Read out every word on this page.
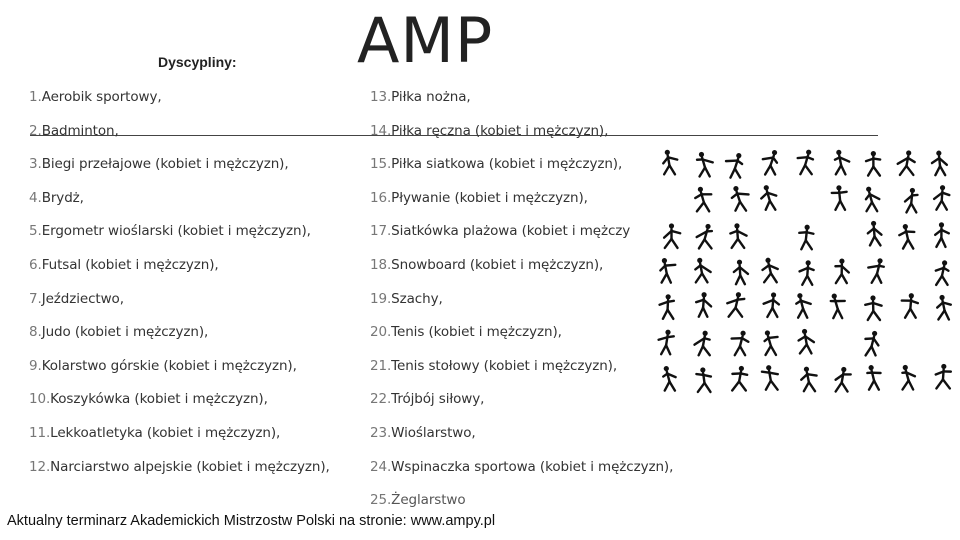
Dyscypliny: AMP
1.Aerobik sportowy,
2.Badminton,
3.Biegi przełajowe (kobiet i mężczyzn),
4.Brydż,
5.Ergometr wioślarski (kobiet i mężczyzn),
6.Futsal (kobiet i mężczyzn),
7.Jeździectwo,
8.Judo (kobiet i mężczyzn),
9.Kolarstwo górskie (kobiet i mężczyzn),
10.Koszykówka (kobiet i mężczyzn),
11.Lekkoatletyka (kobiet i mężczyzn),
12.Narciarstwo alpejskie (kobiet i mężczyzn),
13.Piłka nożna,
14.Piłka ręczna (kobiet i mężczyzn),
15.Piłka siatkowa (kobiet i mężczyzn),
16.Pływanie (kobiet i mężczyzn),
17.Siatkówka plażowa (kobiet i mężczy
18.Snowboard (kobiet i mężczyzn),
19.Szachy,
20.Tenis (kobiet i mężczyzn),
21.Tenis stołowy (kobiet i mężczyzn),
22.Trójbój siłowy,
23.Wioślarstwo,
24.Wspinaczka sportowa (kobiet i mężczyzn),
25.Żeglarstwo
Aktualny terminarz Akademickich Mistrzostw Polski na stronie: www.ampy.pl
